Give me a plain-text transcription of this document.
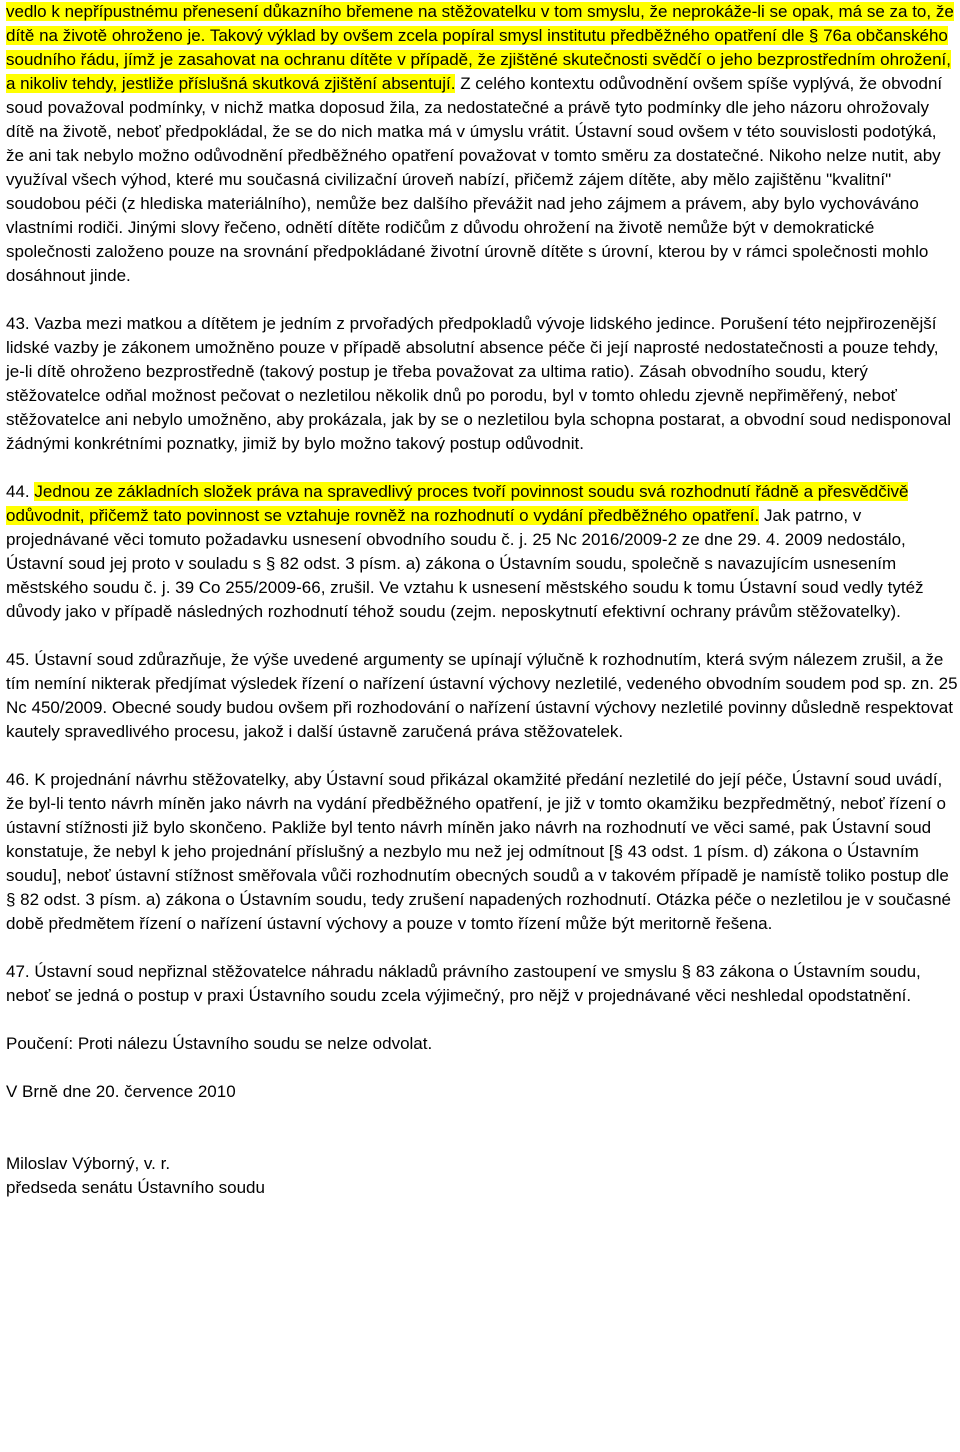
vedlo k nepřípustnému přenesení důkazního břemene na stěžovatelku v tom smyslu, že neprokáže-li se opak, má se za to, že dítě na životě ohroženo je. Takový výklad by ovšem zcela popíral smysl institutu předběžného opatření dle § 76a občanského soudního řádu, jímž je zasahovat na ochranu dítěte v případě, že zjištěné skutečnosti svědčí o jeho bezprostředním ohrožení, a nikoliv tehdy, jestliže příslušná skutková zjištění absentují. Z celého kontextu odůvodnění ovšem spíše vyplývá, že obvodní soud považoval podmínky, v nichž matka doposud žila, za nedostatečné a právě tyto podmínky dle jeho názoru ohrožovaly dítě na životě, neboť předpokládal, že se do nich matka má v úmyslu vrátit. Ústavní soud ovšem v této souvislosti podotýká, že ani tak nebylo možno odůvodnění předběžného opatření považovat v tomto směru za dostatečné. Nikoho nelze nutit, aby využíval všech výhod, které mu současná civilizační úroveň nabízí, přičemž zájem dítěte, aby mělo zajištěnu "kvalitní" soudobou péči (z hlediska materiálního), nemůže bez dalšího převážit nad jeho zájmem a právem, aby bylo vychováváno vlastními rodiči. Jinými slovy řečeno, odnětí dítěte rodičům z důvodu ohrožení na životě nemůže být v demokratické společnosti založeno pouze na srovnání předpokládané životní úrovně dítěte s úrovní, kterou by v rámci společnosti mohlo dosáhnout jinde.

43. Vazba mezi matkou a dítětem je jedním z prvořadých předpokladů vývoje lidského jedince. Porušení této nejpřirozenější lidské vazby je zákonem umožněno pouze v případě absolutní absence péče či její naprosté nedostatečnosti a pouze tehdy, je-li dítě ohroženo bezprostředně (takový postup je třeba považovat za ultima ratio). Zásah obvodního soudu, který stěžovatelce odňal možnost pečovat o nezletilou několik dnů po porodu, byl v tomto ohledu zjevně nepřiměřený, neboť stěžovatelce ani nebylo umožněno, aby prokázala, jak by se o nezletilou byla schopna postarat, a obvodní soud nedisponoval žádnými konkrétními poznatky, jimiž by bylo možno takový postup odůvodnit.

44. Jednou ze základních složek práva na spravedlivý proces tvoří povinnost soudu svá rozhodnutí řádně a přesvědčivě odůvodnit, přičemž tato povinnost se vztahuje rovněž na rozhodnutí o vydání předběžného opatření. Jak patrno, v projednávané věci tomuto požadavku usnesení obvodního soudu č. j. 25 Nc 2016/2009-2 ze dne 29. 4. 2009 nedostálo, Ústavní soud jej proto v souladu s § 82 odst. 3 písm. a) zákona o Ústavním soudu, společně s navazujícím usnesením městského soudu č. j. 39 Co 255/2009-66, zrušil. Ve vztahu k usnesení městského soudu k tomu Ústavní soud vedly tytéž důvody jako v případě následných rozhodnutí téhož soudu (zejm. neposkytnutí efektivní ochrany právům stěžovatelky).

45. Ústavní soud zdůrazňuje, že výše uvedené argumenty se upínají výlučně k rozhodnutím, která svým nálezem zrušil, a že tím nemíní nikterak předjímat výsledek řízení o nařízení ústavní výchovy nezletilé, vedeného obvodním soudem pod sp. zn. 25 Nc 450/2009. Obecné soudy budou ovšem při rozhodování o nařízení ústavní výchovy nezletilé povinny důsledně respektovat kautely spravedlivého procesu, jakož i další ústavně zaručená práva stěžovatelek.

46. K projednání návrhu stěžovatelky, aby Ústavní soud přikázal okamžité předání nezletilé do její péče, Ústavní soud uvádí, že byl-li tento návrh míněn jako návrh na vydání předběžného opatření, je již v tomto okamžiku bezpředmětný, neboť řízení o ústavní stížnosti již bylo skončeno. Pakliže byl tento návrh míněn jako návrh na rozhodnutí ve věci samé, pak Ústavní soud konstatuje, že nebyl k jeho projednání příslušný a nezbylo mu než jej odmítnout [§ 43 odst. 1 písm. d) zákona o Ústavním soudu], neboť ústavní stížnost směřovala vůči rozhodnutím obecných soudů a v takovém případě je namístě toliko postup dle § 82 odst. 3 písm. a) zákona o Ústavním soudu, tedy zrušení napadených rozhodnutí. Otázka péče o nezletilou je v současné době předmětem řízení o nařízení ústavní výchovy a pouze v tomto řízení může být meritorně řešena.

47. Ústavní soud nepřiznal stěžovatelce náhradu nákladů právního zastoupení ve smyslu § 83 zákona o Ústavním soudu, neboť se jedná o postup v praxi Ústavního soudu zcela výjimečný, pro nějž v projednávané věci neshledal opodstatnění.

Poučení: Proti nálezu Ústavního soudu se nelze odvolat.

V Brně dne 20. července 2010

Miloslav Výborný, v. r.

předseda senátu Ústavního soudu
